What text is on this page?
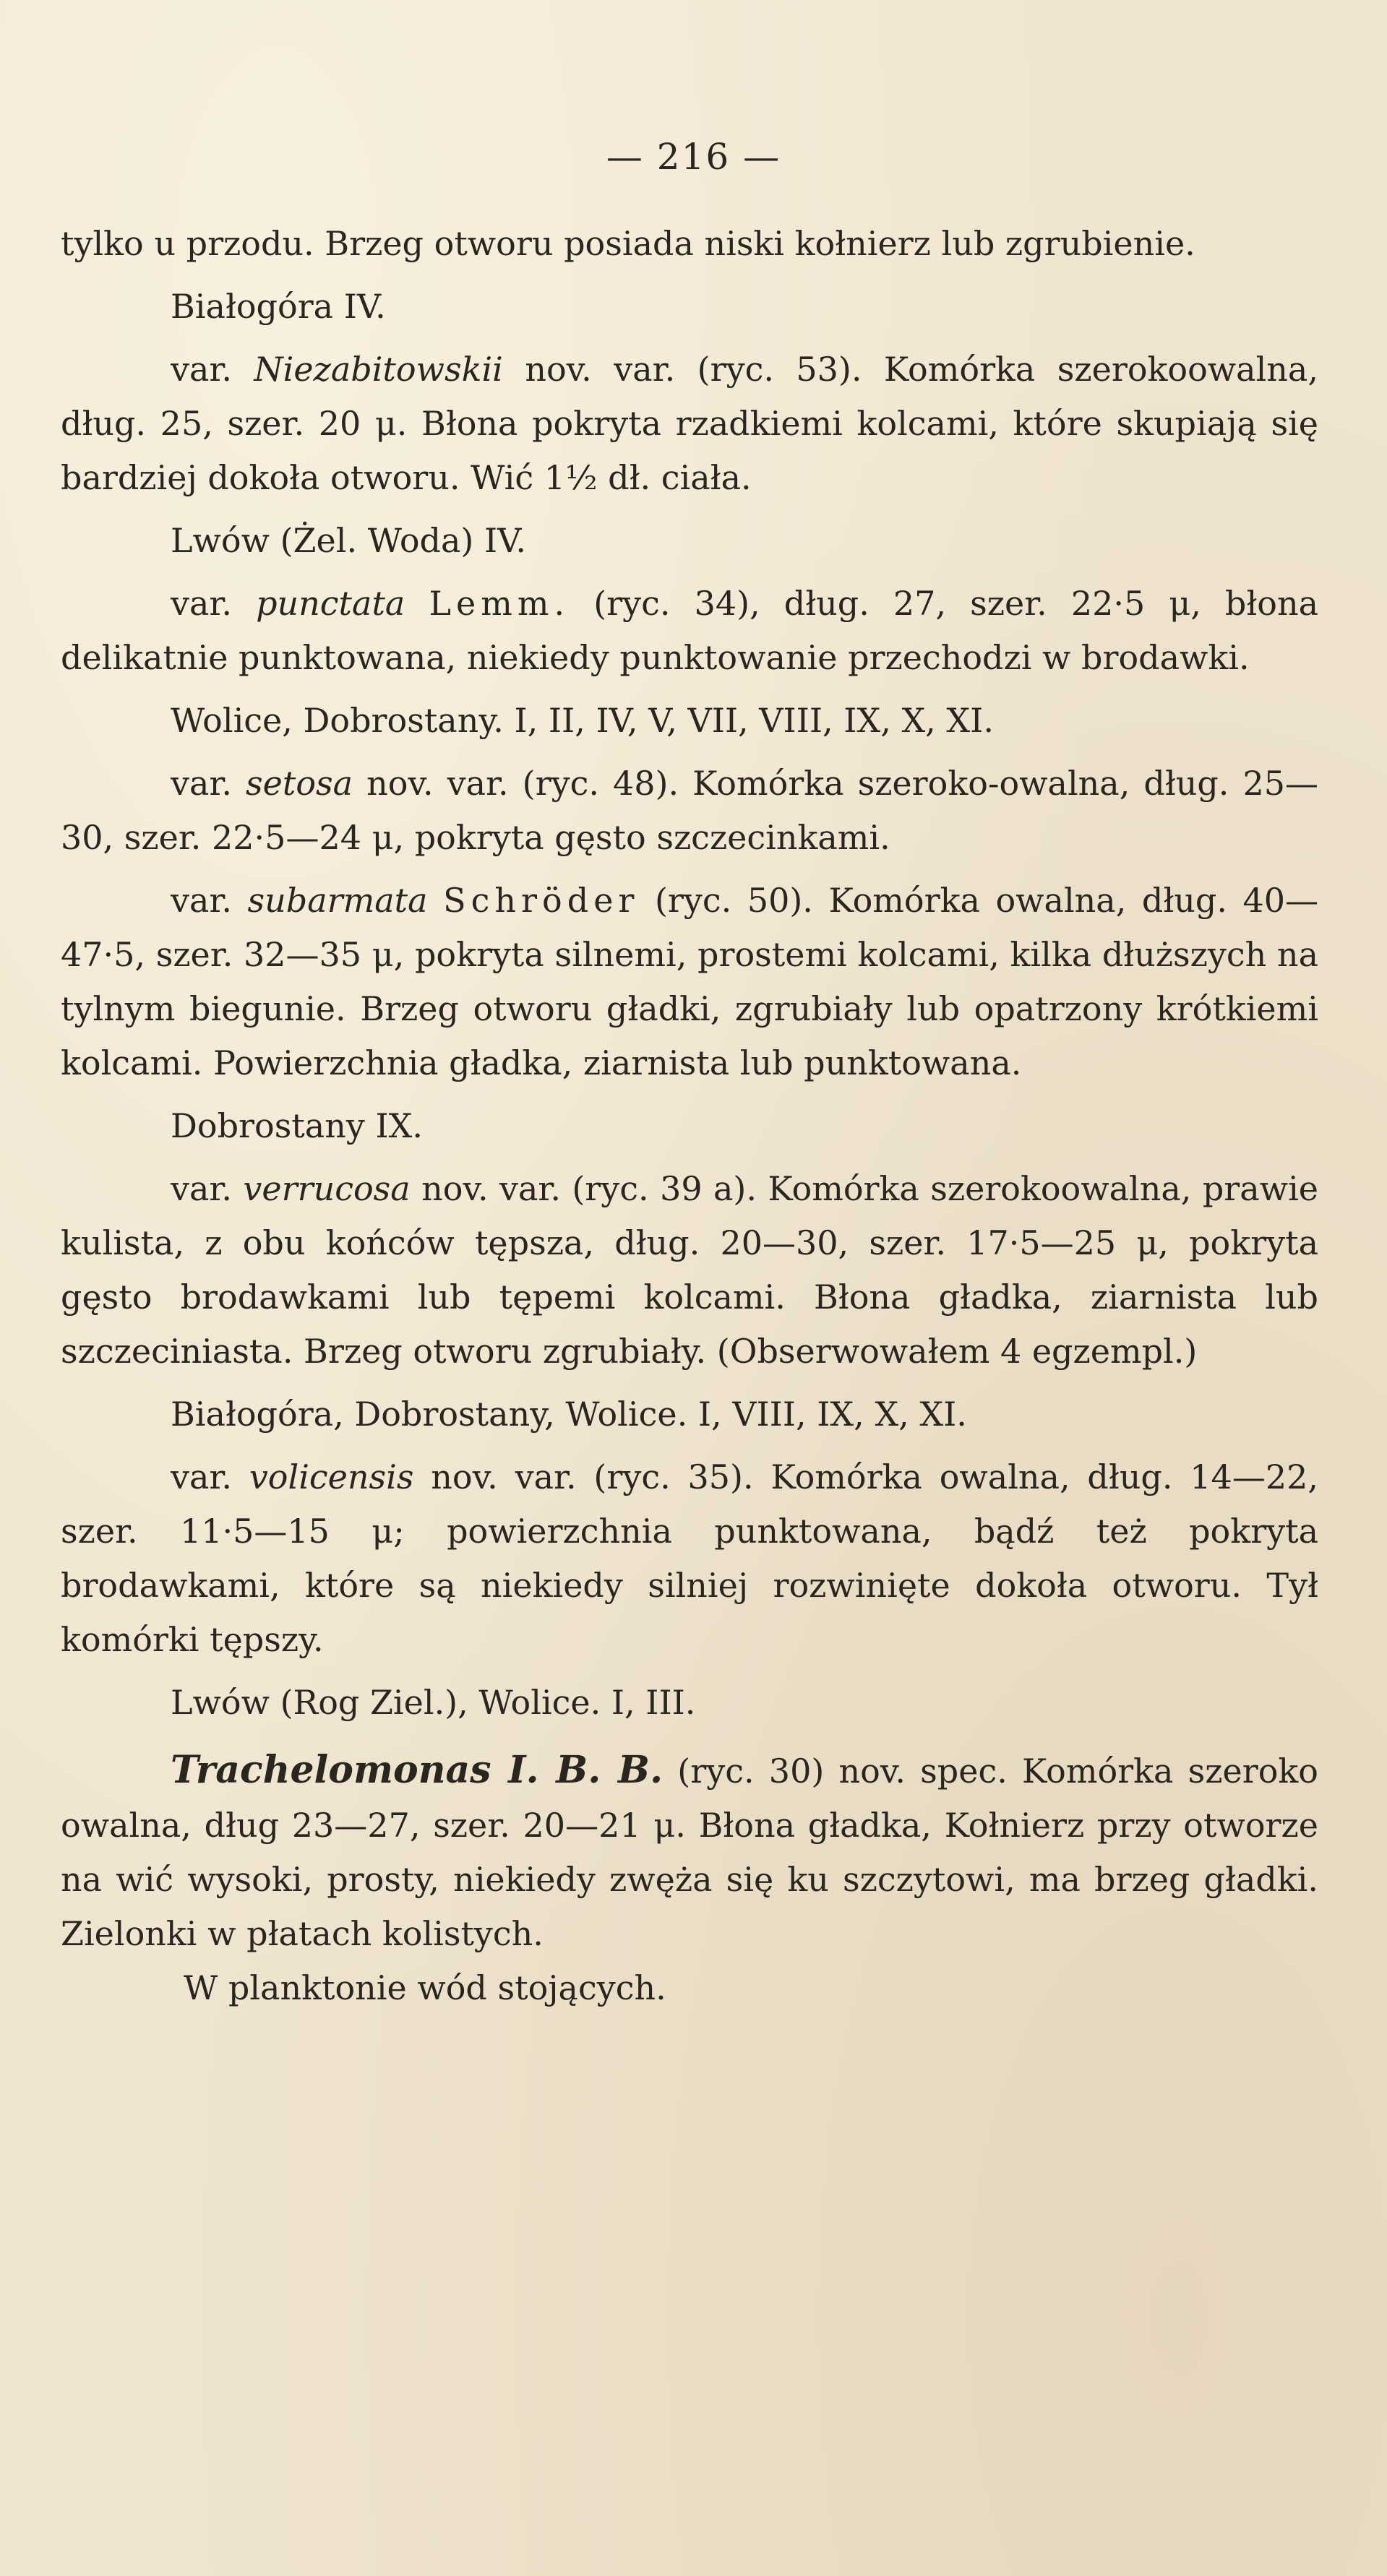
— 216 —

tylko u przodu. Brzeg otworu posiada niski kołnierz lub zgrubienie.

Białogóra IV.

var. Niezabitowskii nov. var. (ryc. 53). Komórka szerokoowalna, dług. 25, szer. 20 μ. Błona pokryta rzadkiemi kolcami, które skupiają się bardziej dokoła otworu. Wić 1½ dł. ciała.

Lwów (Żel. Woda) IV.

var. punctata Lemm. (ryc. 34), dług. 27, szer. 22·5 μ, błona delikatnie punktowana, niekiedy punktowanie przechodzi w brodawki.

Wolice, Dobrostany. I, II, IV, V, VII, VIII, IX, X, XI.

var. setosa nov. var. (ryc. 48). Komórka szeroko-owalna, dług. 25—30, szer. 22·5—24 μ, pokryta gęsto szczecinkami.

var. subarmata Schröder (ryc. 50). Komórka owalna, dług. 40—47·5, szer. 32—35 μ, pokryta silnemi, prostemi kolcami, kilka dłuższych na tylnym biegunie. Brzeg otworu gładki, zgrubiały lub opatrzony krótkiemi kolcami. Powierzchnia gładka, ziarnista lub punktowana.

Dobrostany IX.

var. verrucosa nov. var. (ryc. 39 a). Komórka szerokoowalna, prawie kulista, z obu końców tępsza, dług. 20—30, szer. 17·5—25 μ, pokryta gęsto brodawkami lub tępemi kolcami. Błona gładka, ziarnista lub szczeciniasta. Brzeg otworu zgrubiały. (Obserwowałem 4 egzempl.)

Białogóra, Dobrostany, Wolice. I, VIII, IX, X, XI.

var. volicensis nov. var. (ryc. 35). Komórka owalna, dług. 14—22, szer. 11·5—15 μ; powierzchnia punktowana, bądź też pokryta brodawkami, które są niekiedy silniej rozwinięte dokoła otworu. Tył komórki tępszy.

Lwów (Rog Ziel.), Wolice. I, III.

Trachelomonas I. B. B. (ryc. 30) nov. spec. Komórka szeroko owalna, dług 23—27, szer. 20—21 μ. Błona gładka, Kołnierz przy otworze na wić wysoki, prosty, niekiedy zwęża się ku szczytowi, ma brzeg gładki. Zielonki w płatach kolistych.

W planktonie wód stojących.
